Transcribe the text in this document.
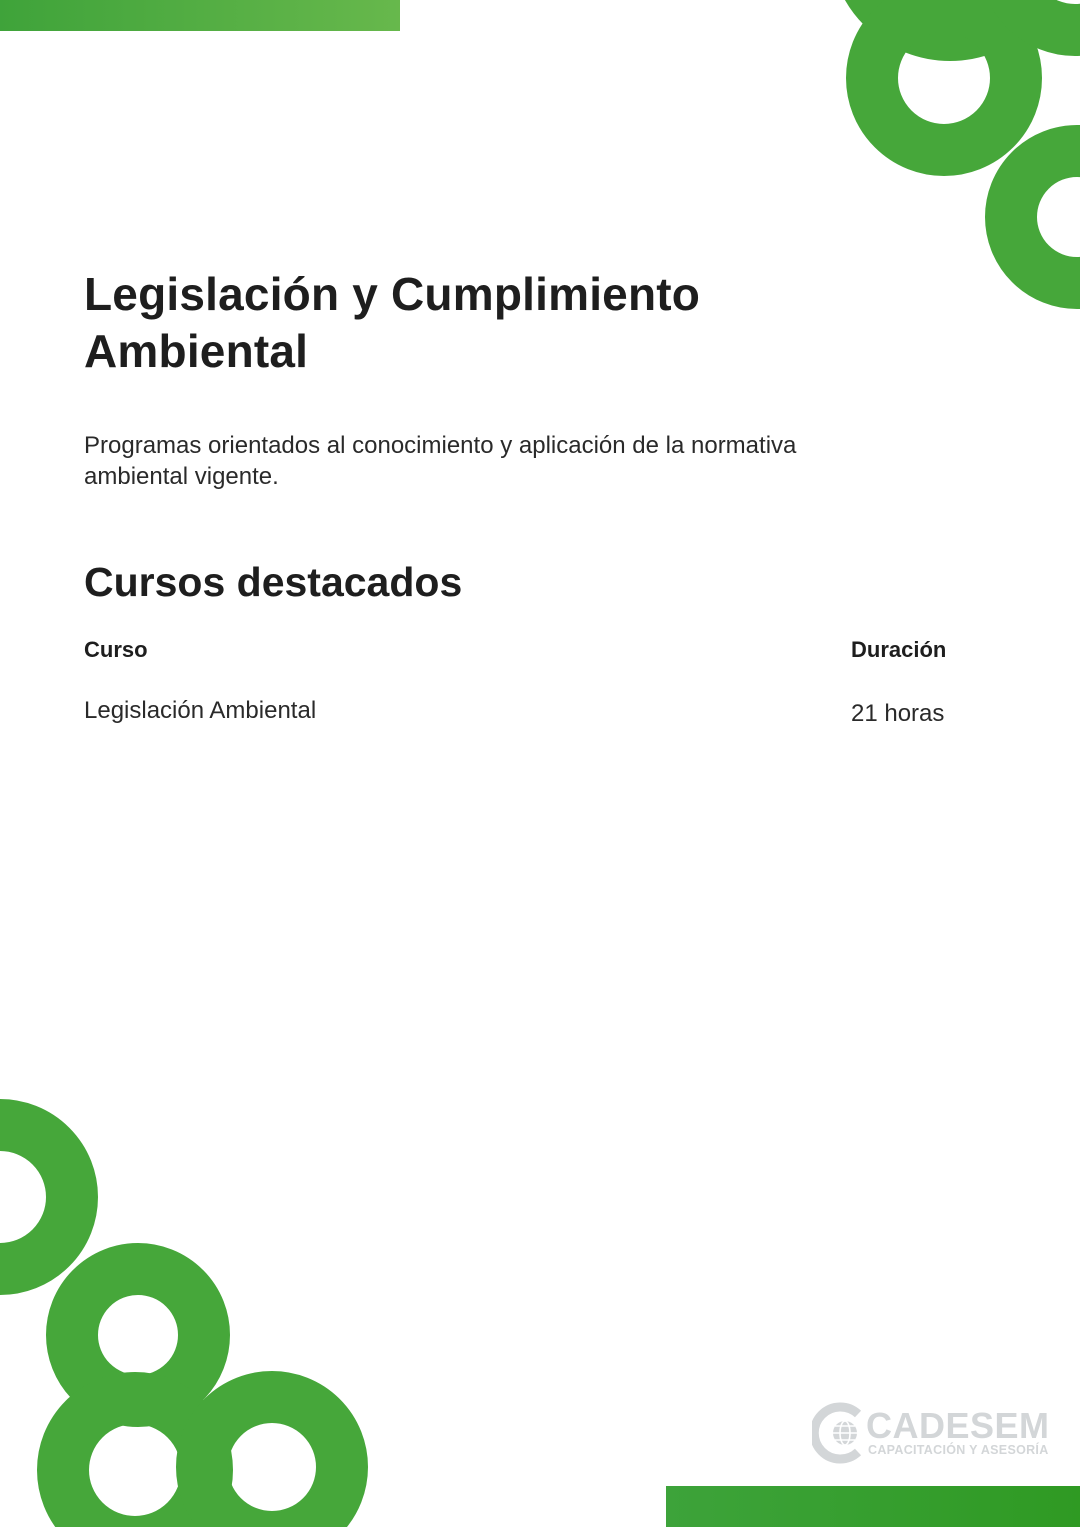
Legislación y Cumplimiento Ambiental

Programas orientados al conocimiento y aplicación de la normativa ambiental vigente.

Cursos destacados
Curso	Duración
Legislación Ambiental	21 horas
CADESEM
CAPACITACIÓN Y ASESORÍA
